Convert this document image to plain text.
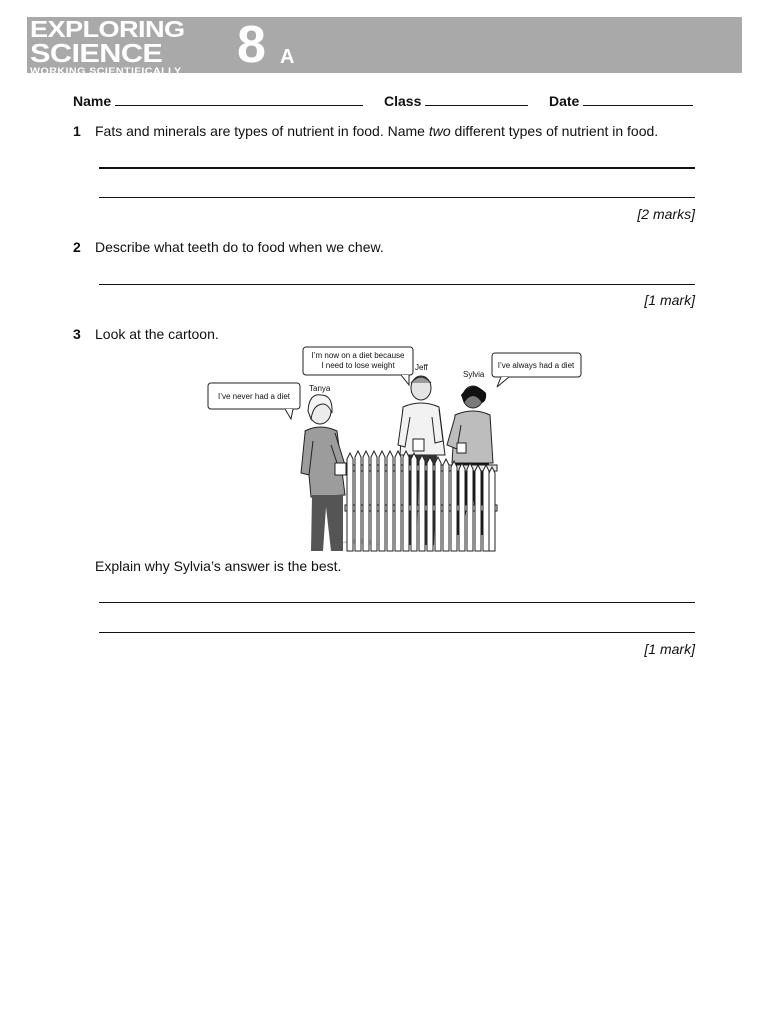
EXPLORING
SCIENCE
WORKING SCIENTIFICALLY	8 A
Name	Class	Date
1 Fats and minerals are types of nutrient in food. Name two different types of nutrient in food.
[2 marks]
2 Describe what teeth do to food when we chew.
[1 mark]
3 Look at the cartoon.
I’ve never had a diet
Tanya
I’m now on a diet because
I need to lose weight	Jeff	I’ve always had a diet
Sylvia
Explain why Sylvia’s answer is the best.
[1 mark]
